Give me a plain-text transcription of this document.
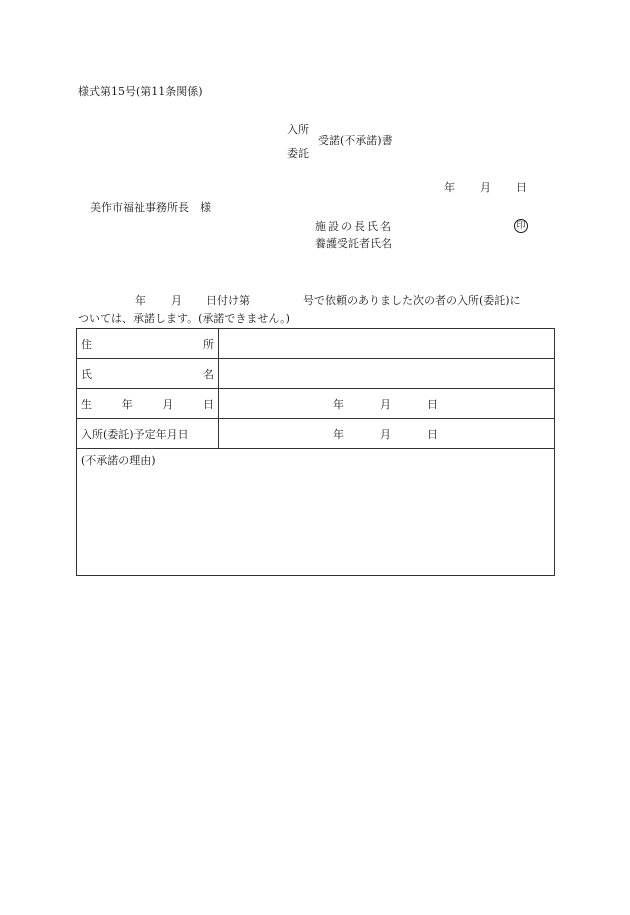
様式第15号(第11条関係)
入所
委託
受諾(不承諾)書
年 月 日
美作市福祉事務所長　様
施設の長氏名
養護受託者氏名
印
年 月 日付け第	号で依頼のありました次の者の入所(委託)に
ついては、承諾します。(承諾できません。)
住 所	

氏 名	

生 年 月 日	年 月 日
入所(委託)予定年月日	年 月 日
(不承諾の理由)	
